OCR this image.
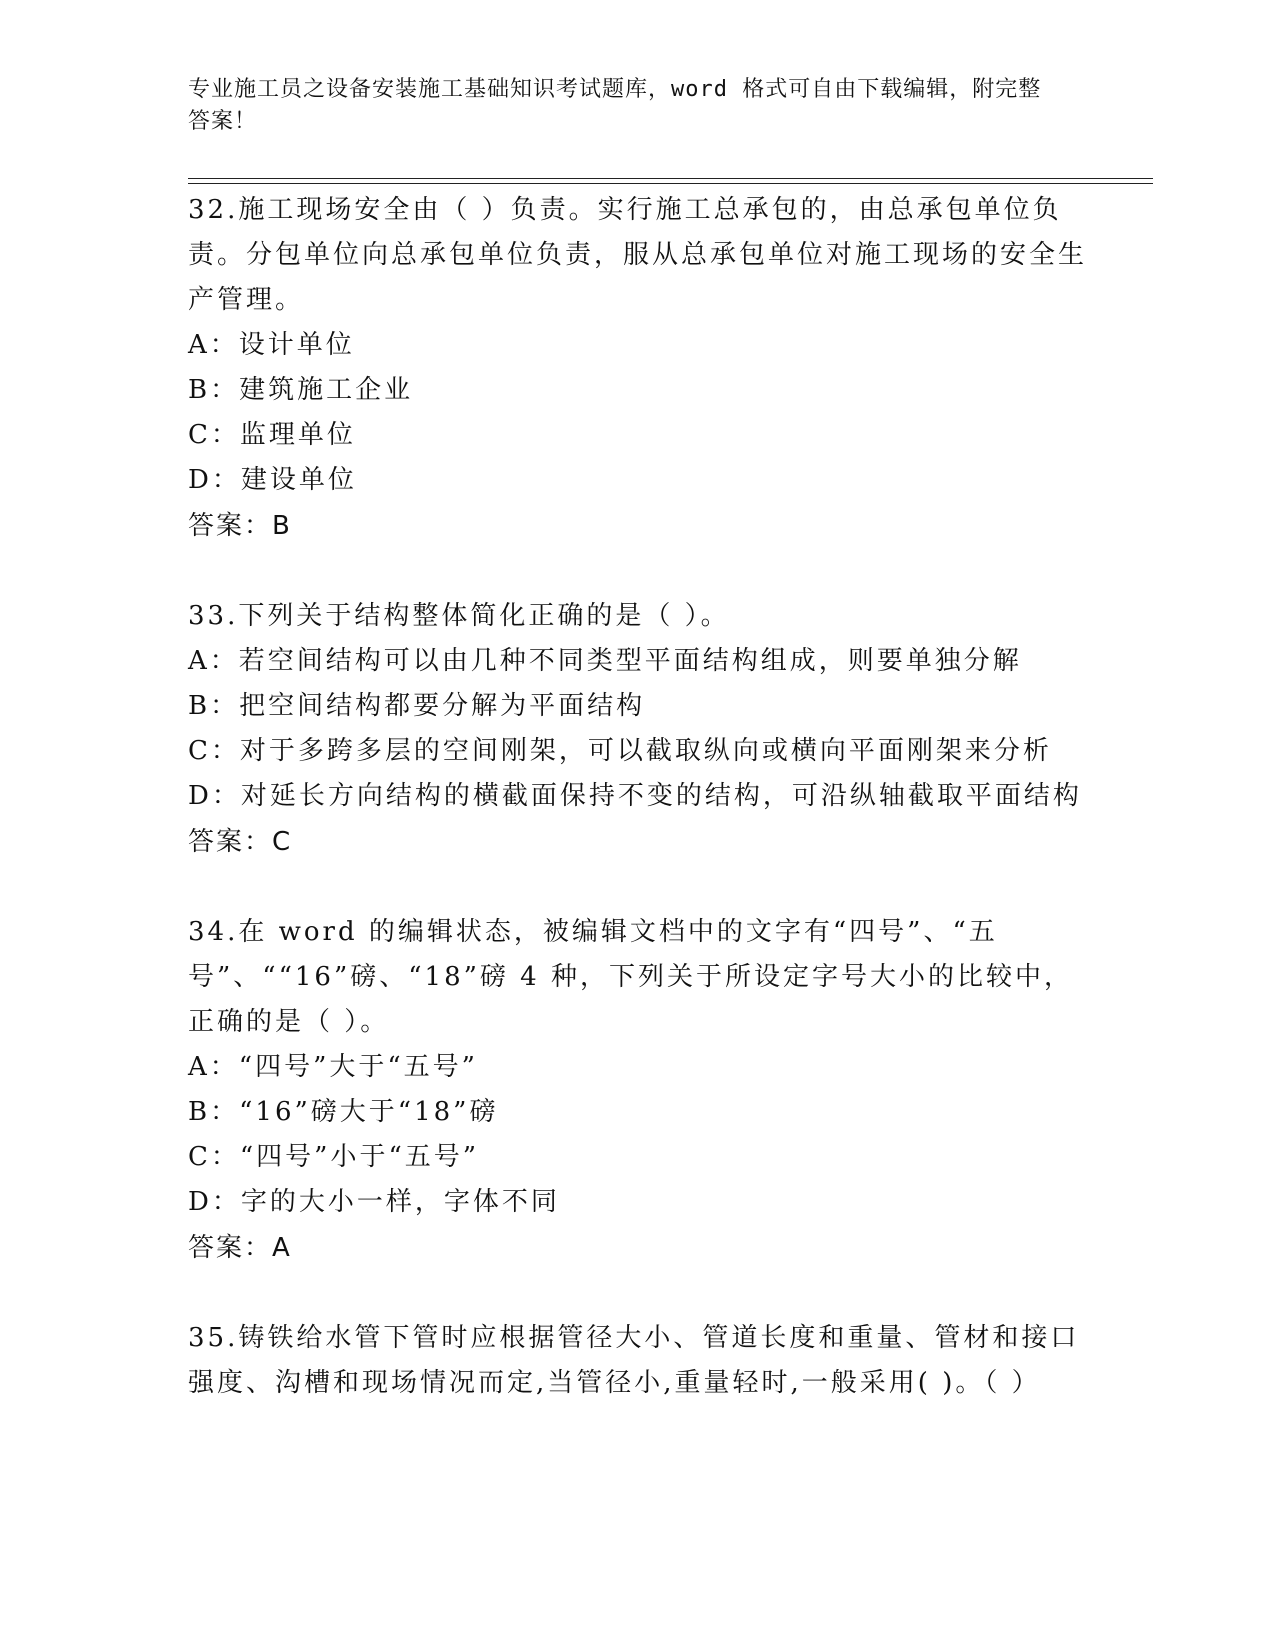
专业施工员之设备安装施工基础知识考试题库，word 格式可自由下载编辑，附完整答案！
32.施工现场安全由（ ）负责。实行施工总承包的，由总承包单位负责。分包单位向总承包单位负责，服从总承包单位对施工现场的安全生产管理。
A：设计单位
B：建筑施工企业
C：监理单位
D：建设单位
答案：B
33.下列关于结构整体简化正确的是（ ）。
A：若空间结构可以由几种不同类型平面结构组成，则要单独分解
B：把空间结构都要分解为平面结构
C：对于多跨多层的空间刚架，可以截取纵向或横向平面刚架来分析
D：对延长方向结构的横截面保持不变的结构，可沿纵轴截取平面结构
答案：C
34.在 word 的编辑状态，被编辑文档中的文字有“四号”、“五号”、““16”磅、“18”磅 4 种，下列关于所设定字号大小的比较中，正确的是（ ）。
A：“四号”大于“五号”
B：“16”磅大于“18”磅
C：“四号”小于“五号”
D：字的大小一样，字体不同
答案：A
35.铸铁给水管下管时应根据管径大小、管道长度和重量、管材和接口强度、沟槽和现场情况而定,当管径小,重量轻时,一般采用( )。（ ）
